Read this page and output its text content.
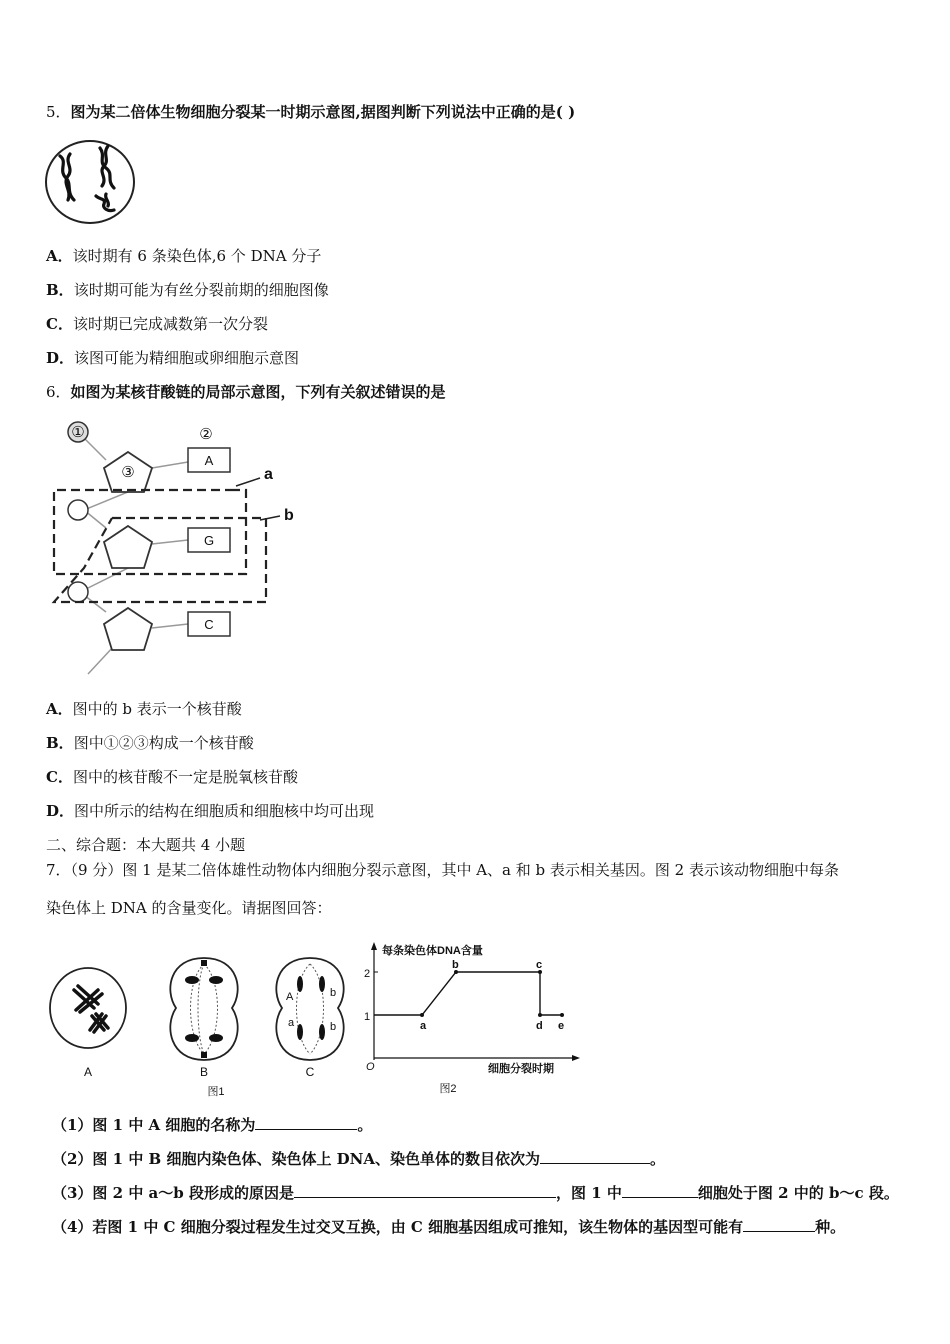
5．图为某二倍体生物细胞分裂某一时期示意图,据图判断下列说法中正确的是( )
A．该时期有 6 条染色体,6 个 DNA 分子
B．该时期可能为有丝分裂前期的细胞图像
C．该时期已完成减数第一次分裂
D．该图可能为精细胞或卵细胞示意图
6．如图为某核苷酸链的局部示意图，下列有关叙述错误的是
①
③
②
A
G
C
a
b
A．图中的 b 表示一个核苷酸
B．图中①②③构成一个核苷酸
C．图中的核苷酸不一定是脱氧核苷酸
D．图中所示的结构在细胞质和细胞核中均可出现
二、综合题：本大题共 4 小题
7．（9 分）图 1 是某二倍体雄性动物体内细胞分裂示意图，其中 A、a 和 b 表示相关基因。图 2 表示该动物细胞中每条
染色体上 DNA 的含量变化。请据图回答：
A	B
图1
A
a
b
b
C
每条染色体DNA含量
2
1
O
a
b	c
d e
细胞分裂时期
图2
（1）图 1 中 A 细胞的名称为	。
（2）图 1 中 B 细胞内染色体、染色体上 DNA、染色单体的数目依次为	。
（3）图 2 中 a～b 段形成的原因是	，图 1 中	细胞处于图 2 中的 b～c 段。
（4）若图 1 中 C 细胞分裂过程发生过交叉互换，由 C 细胞基因组成可推知，该生物体的基因型可能有	种。
